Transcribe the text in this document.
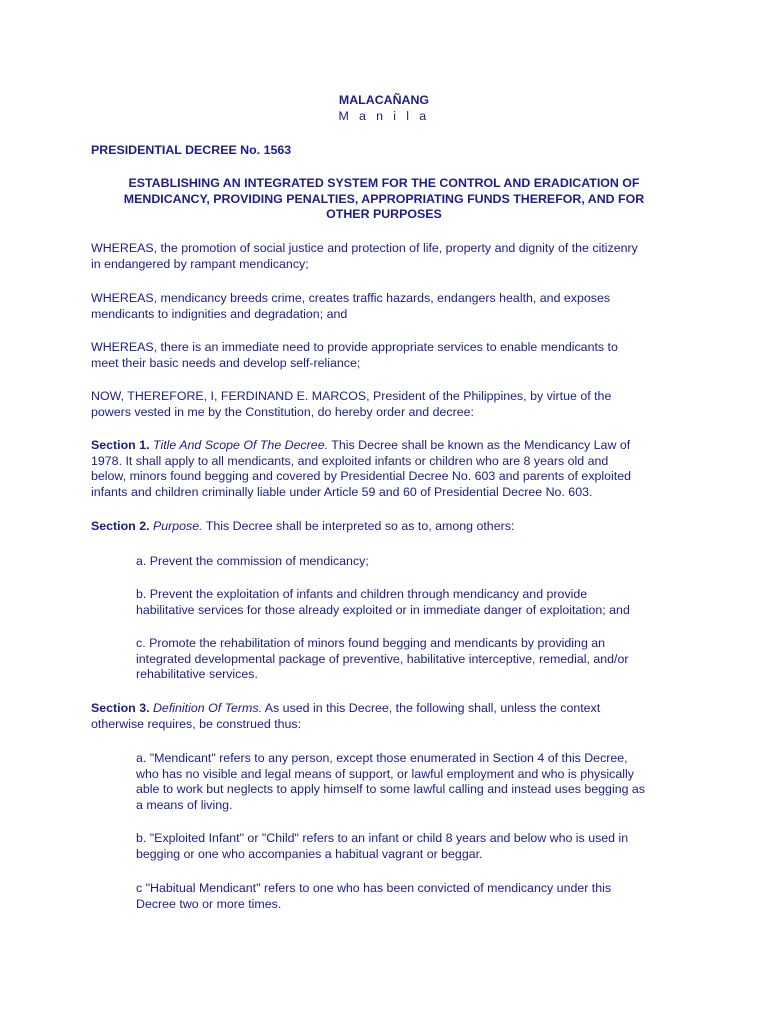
MALACAÑANG
M a n i l a
PRESIDENTIAL DECREE No. 1563
ESTABLISHING AN INTEGRATED SYSTEM FOR THE CONTROL AND ERADICATION OF
MENDICANCY, PROVIDING PENALTIES, APPROPRIATING FUNDS THEREFOR, AND FOR
OTHER PURPOSES
WHEREAS, the promotion of social justice and protection of life, property and dignity of the citizenry
in endangered by rampant mendicancy;
WHEREAS, mendicancy breeds crime, creates traffic hazards, endangers health, and exposes
mendicants to indignities and degradation; and
WHEREAS, there is an immediate need to provide appropriate services to enable mendicants to
meet their basic needs and develop self-reliance;
NOW, THEREFORE, I, FERDINAND E. MARCOS, President of the Philippines, by virtue of the
powers vested in me by the Constitution, do hereby order and decree:
Section 1. Title And Scope Of The Decree. This Decree shall be known as the Mendicancy Law of
1978. It shall apply to all mendicants, and exploited infants or children who are 8 years old and
below, minors found begging and covered by Presidential Decree No. 603 and parents of exploited
infants and children criminally liable under Article 59 and 60 of Presidential Decree No. 603.
Section 2. Purpose. This Decree shall be interpreted so as to, among others:
a. Prevent the commission of mendicancy;
b. Prevent the exploitation of infants and children through mendicancy and provide
habilitative services for those already exploited or in immediate danger of exploitation; and
c. Promote the rehabilitation of minors found begging and mendicants by providing an
integrated developmental package of preventive, habilitative interceptive, remedial, and/or
rehabilitative services.
Section 3. Definition Of Terms. As used in this Decree, the following shall, unless the context
otherwise requires, be construed thus:
a. "Mendicant" refers to any person, except those enumerated in Section 4 of this Decree,
who has no visible and legal means of support, or lawful employment and who is physically
able to work but neglects to apply himself to some lawful calling and instead uses begging as
a means of living.
b. "Exploited Infant" or "Child" refers to an infant or child 8 years and below who is used in
begging or one who accompanies a habitual vagrant or beggar.
c "Habitual Mendicant" refers to one who has been convicted of mendicancy under this
Decree two or more times.
